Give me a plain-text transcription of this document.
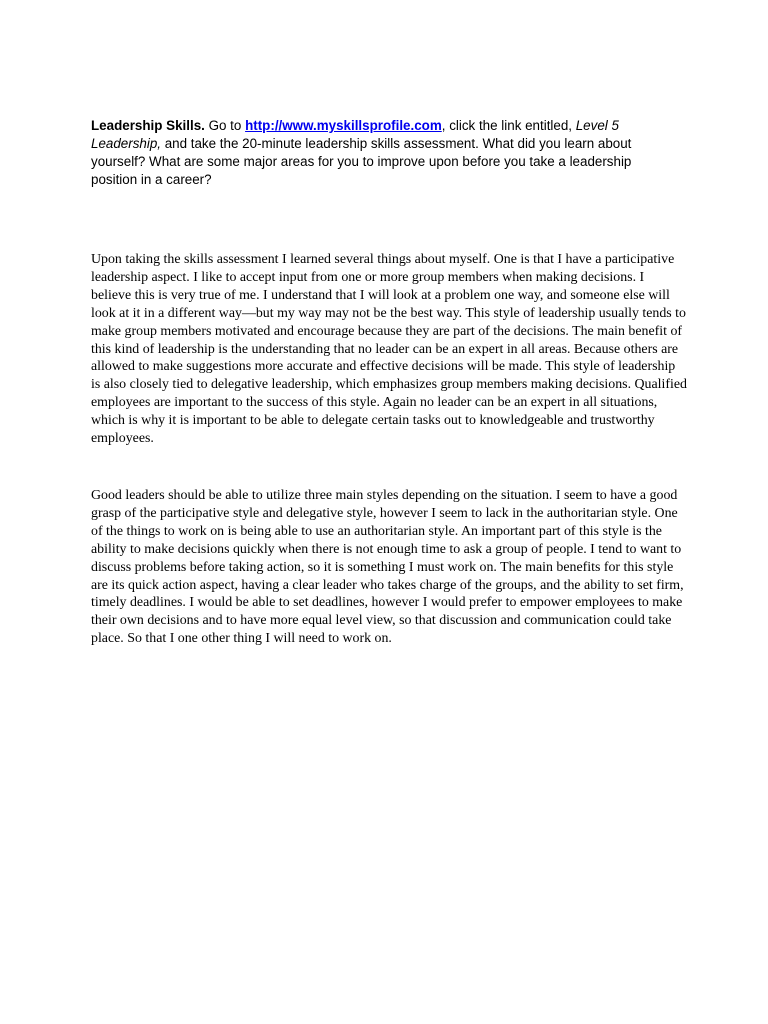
Leadership Skills. Go to http://www.myskillsprofile.com, click the link entitled, Level 5 Leadership, and take the 20-minute leadership skills assessment. What did you learn about yourself? What are some major areas for you to improve upon before you take a leadership position in a career?

Upon taking the skills assessment I learned several things about myself. One is that I have a participative leadership aspect. I like to accept input from one or more group members when making decisions. I believe this is very true of me. I understand that I will look at a problem one way, and someone else will look at it in a different way—but my way may not be the best way. This style of leadership usually tends to make group members motivated and encourage because they are part of the decisions. The main benefit of this kind of leadership is the understanding that no leader can be an expert in all areas. Because others are allowed to make suggestions more accurate and effective decisions will be made. This style of leadership is also closely tied to delegative leadership, which emphasizes group members making decisions. Qualified employees are important to the success of this style. Again no leader can be an expert in all situations, which is why it is important to be able to delegate certain tasks out to knowledgeable and trustworthy employees.

Good leaders should be able to utilize three main styles depending on the situation. I seem to have a good grasp of the participative style and delegative style, however I seem to lack in the authoritarian style. One of the things to work on is being able to use an authoritarian style. An important part of this style is the ability to make decisions quickly when there is not enough time to ask a group of people. I tend to want to discuss problems before taking action, so it is something I must work on. The main benefits for this style are its quick action aspect, having a clear leader who takes charge of the groups, and the ability to set firm, timely deadlines. I would be able to set deadlines, however I would prefer to empower employees to make their own decisions and to have more equal level view, so that discussion and communication could take place. So that I one other thing I will need to work on.
